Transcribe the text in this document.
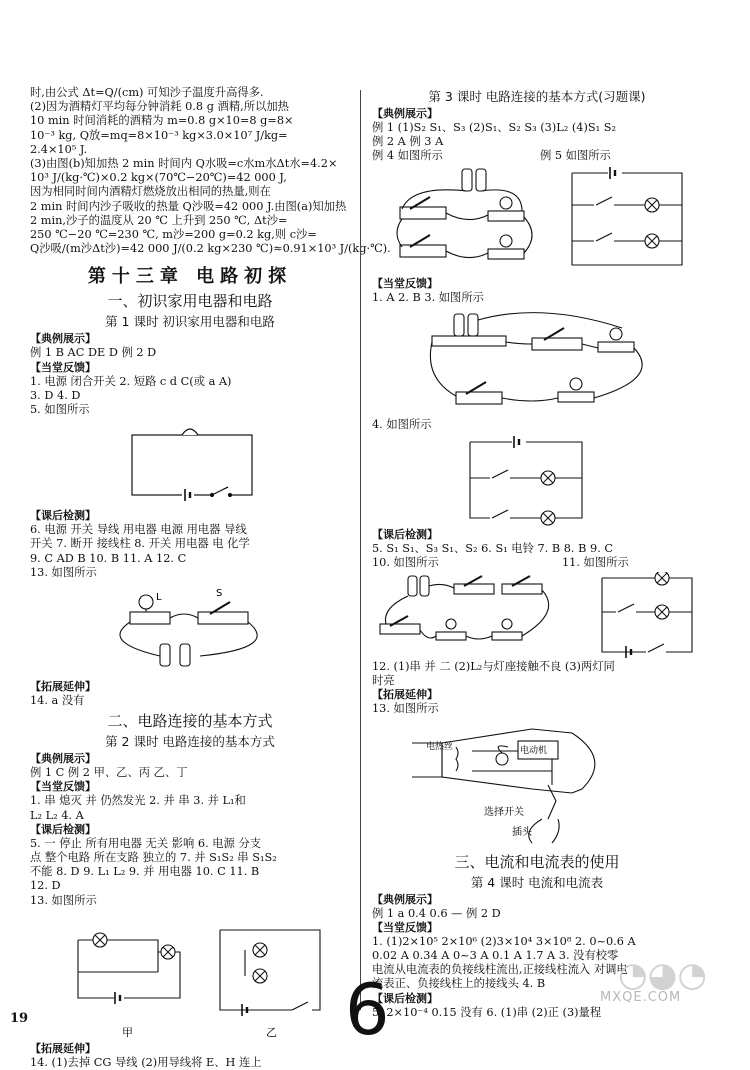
时,由公式 Δt=Q/(cm) 可知沙子温度升高得多.

(2)因为酒精灯平均每分钟消耗 0.8 g 酒精,所以加热

10 min 时间消耗的酒精为 m=0.8 g×10=8 g=8×

10⁻³ kg, Q放=mq=8×10⁻³ kg×3.0×10⁷ J/kg=

2.4×10⁵ J.

(3)由图(b)知加热 2 min 时间内 Q水吸=c水m水Δt水=4.2×

10³ J/(kg·℃)×0.2 kg×(70℃−20℃)=42 000 J,

因为相同时间内酒精灯燃烧放出相同的热量,则在

2 min 时间内沙子吸收的热量 Q沙吸=42 000 J.由图(a)知加热

2 min,沙子的温度从 20 ℃ 上升到 250 ℃, Δt沙=

250 ℃−20 ℃=230 ℃, m沙=200 g=0.2 kg,则 c沙=

Q沙吸/(m沙Δt沙)=42 000 J/(0.2 kg×230 ℃)≈0.91×10³ J/(kg·℃).

第十三章 电路初探
一、初识家用电器和电路
第 1 课时 初识家用电器和电路

【典例展示】

例 1 B AC DE D 例 2 D

【当堂反馈】

1. 电源 闭合开关 2. 短路 c d C(或 a A)

3. D 4. D

5. 如图所示

【课后检测】

6. 电源 开关 导线 用电器 电源 用电器 导线

开关 7. 断开 接线柱 8. 开关 用电器 电 化学

9. C AD B 10. B 11. A 12. C

13. 如图所示

L	S

【拓展延伸】

14. a 没有

二、电路连接的基本方式
第 2 课时 电路连接的基本方式

【典例展示】

例 1 C 例 2 甲、乙、丙 乙、丁

【当堂反馈】

1. 串 熄灭 并 仍然发光 2. 并 串 3. 并 L₁和

L₂ L₂ 4. A

【课后检测】

5. 一 停止 所有用电器 无关 影响 6. 电源 分支

点 整个电路 所在支路 独立的 7. 并 S₁S₂ 串 S₁S₂

不能 8. D 9. L₁ L₂ 9. 并 用电器 10. C 11. B

12. D

13. 如图所示

甲	乙

【拓展延伸】

14. (1)去掉 CG 导线 (2)用导线将 E、H 连上

第 3 课时 电路连接的基本方式(习题课)

【典例展示】

例 1 (1)S₂ S₁、S₃ (2)S₁、S₂ S₃ (3)L₂ (4)S₁ S₂

例 2 A 例 3 A

例 4 如图所示	例 5 如图所示

【当堂反馈】

1. A 2. B 3. 如图所示

4. 如图所示

【课后检测】

5. S₁ S₁、S₃ S₁、S₂ 6. S₁ 电铃 7. B 8. B 9. C

10. 如图所示	11. 如图所示

12. (1)串 并 二 (2)L₂与灯座接触不良 (3)两灯同

时亮

【拓展延伸】

13. 如图所示

电热丝	电动机
选择开关
插头
三、电流和电流表的使用
第 4 课时 电流和电流表

【典例展示】

例 1 a 0.4 0.6 — 例 2 D

【当堂反馈】

1. (1)2×10⁵ 2×10⁶ (2)3×10⁴ 3×10⁸ 2. 0~0.6 A

0.02 A 0.34 A 0~3 A 0.1 A 1.7 A 3. 没有校零

电流从电流表的负接线柱流出,正接线柱流入 对调电

流表正、负接线柱上的接线头 4. B

【课后检测】

5. 2×10⁻⁴ 0.15 没有 6. (1)串 (2)正 (3)量程

19	6	◔◕◔
MXQE.COM
